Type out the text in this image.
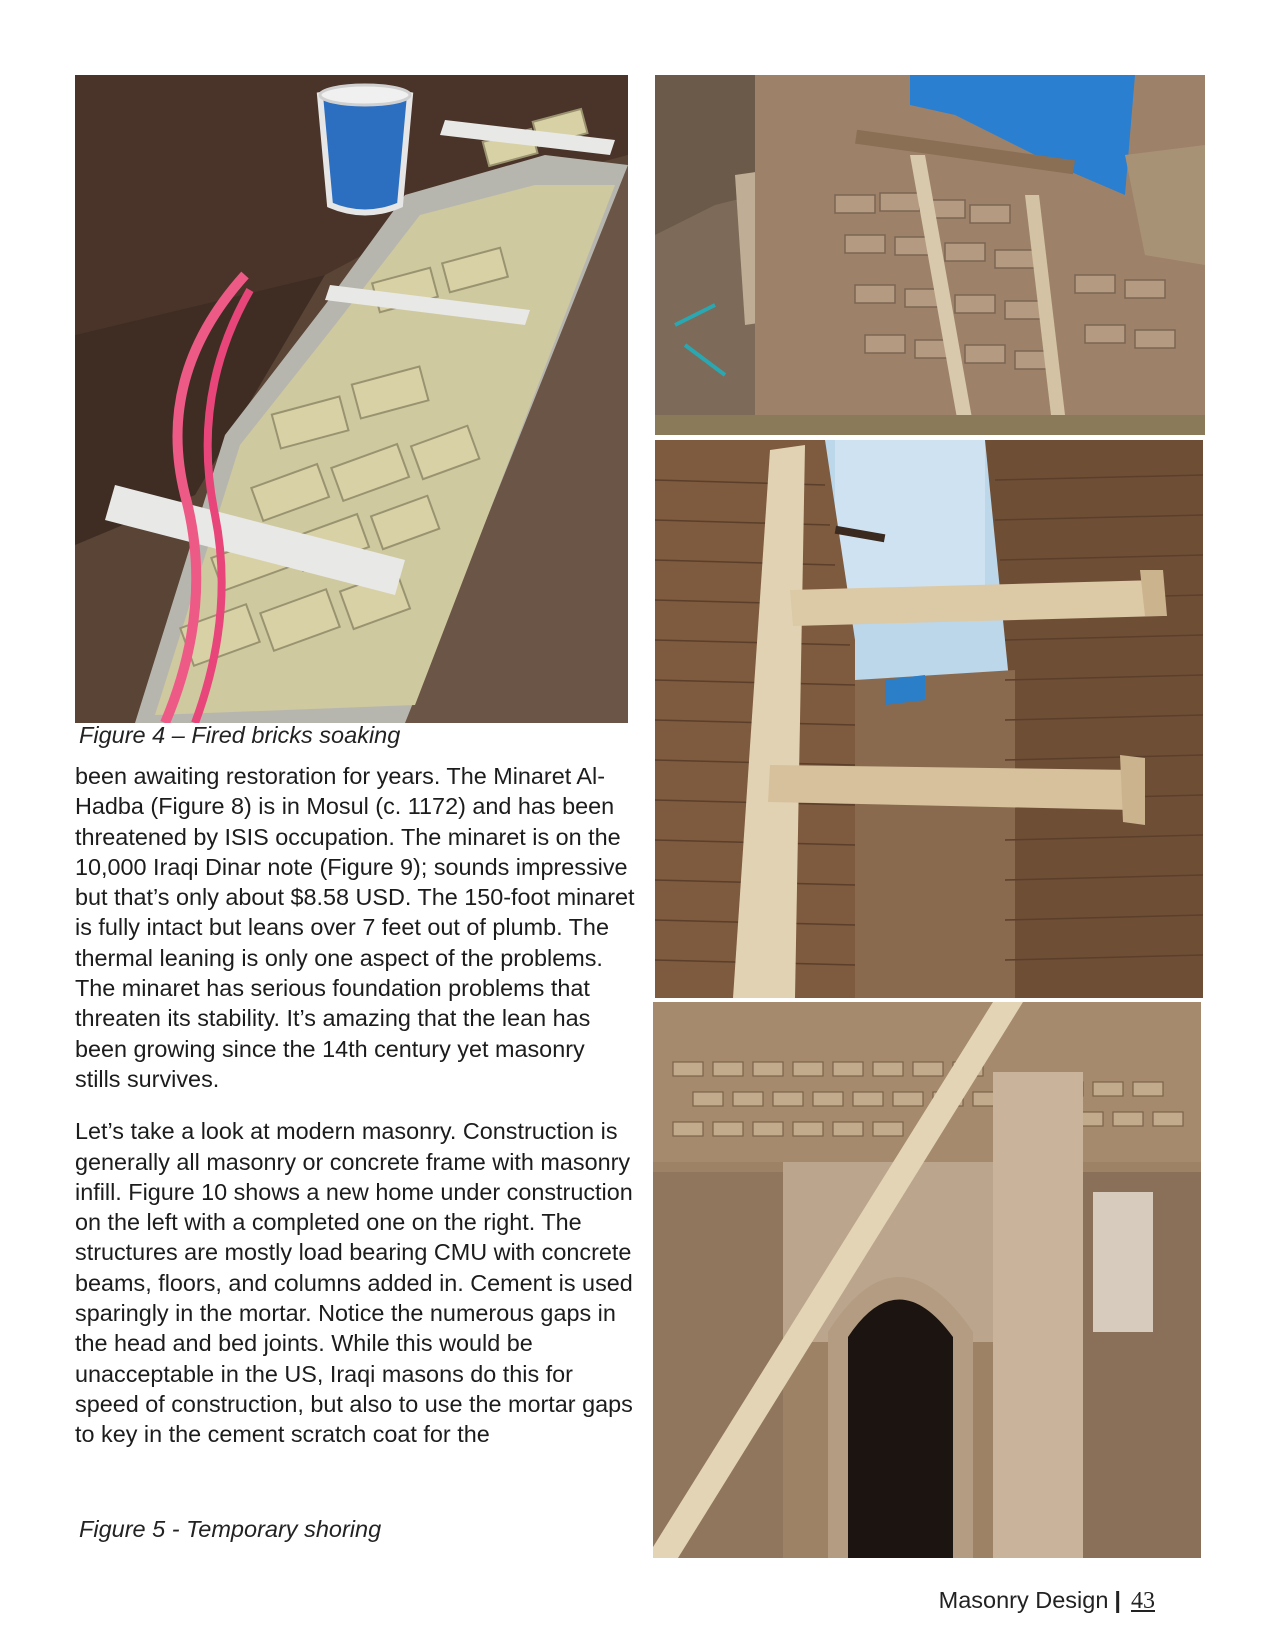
Figure 4 – Fired bricks soaking

been awaiting restoration for years. The Minaret Al-Hadba (Figure 8) is in Mosul (c. 1172) and has been threatened by ISIS occupation. The minaret is on the 10,000 Iraqi Dinar note (Figure 9); sounds impressive but that’s only about $8.58 USD. The 150-foot minaret is fully intact but leans over 7 feet out of plumb. The thermal leaning is only one aspect of the problems. The minaret has serious foundation problems that threaten its stability. It’s amazing that the lean has been growing since the 14th century yet masonry stills survives.

Let’s take a look at modern masonry. Construction is generally all masonry or concrete frame with masonry infill. Figure 10 shows a new home under construction on the left with a completed one on the right. The structures are mostly load bearing CMU with concrete beams, floors, and columns added in. Cement is used sparingly in the mortar. Notice the numerous gaps in the head and bed joints. While this would be unacceptable in the US, Iraqi masons do this for speed of construction, but also to use the mortar gaps to key in the cement scratch coat for the

Figure 5 - Temporary shoring
Masonry Design | 43
